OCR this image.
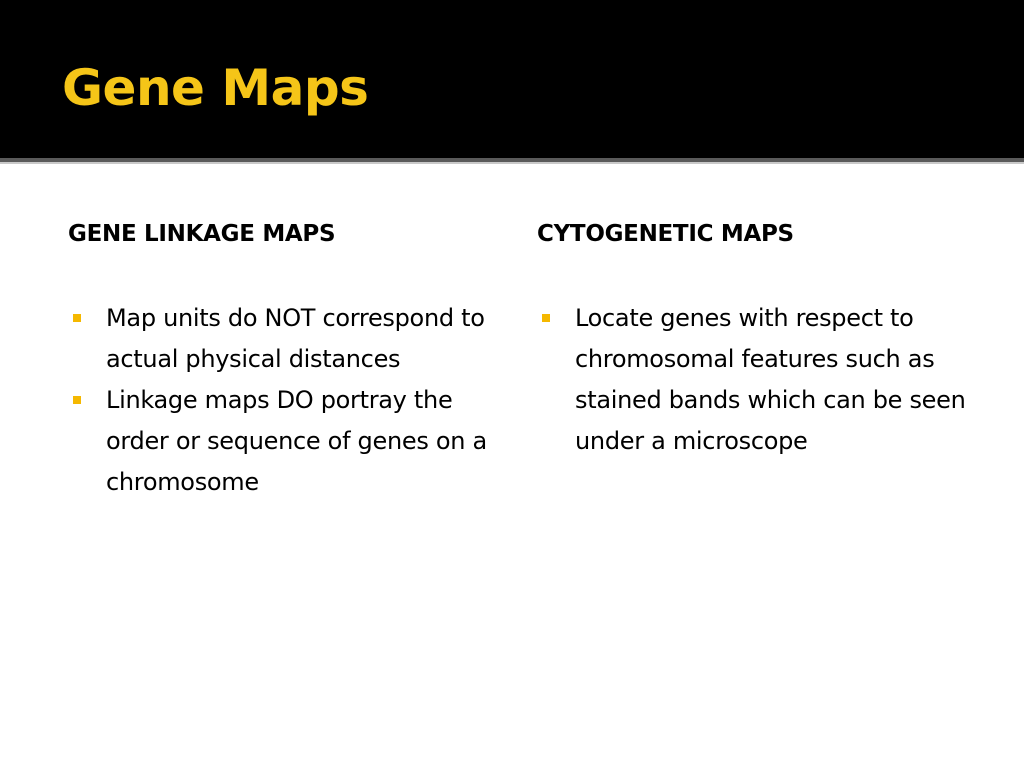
Gene Maps
GENE LINKAGE MAPS
Map units do NOT correspond to actual physical distances
Linkage maps DO portray the order or sequence of genes on a chromosome
CYTOGENETIC MAPS
Locate genes with respect to chromosomal features such as stained bands which can be seen under a microscope
